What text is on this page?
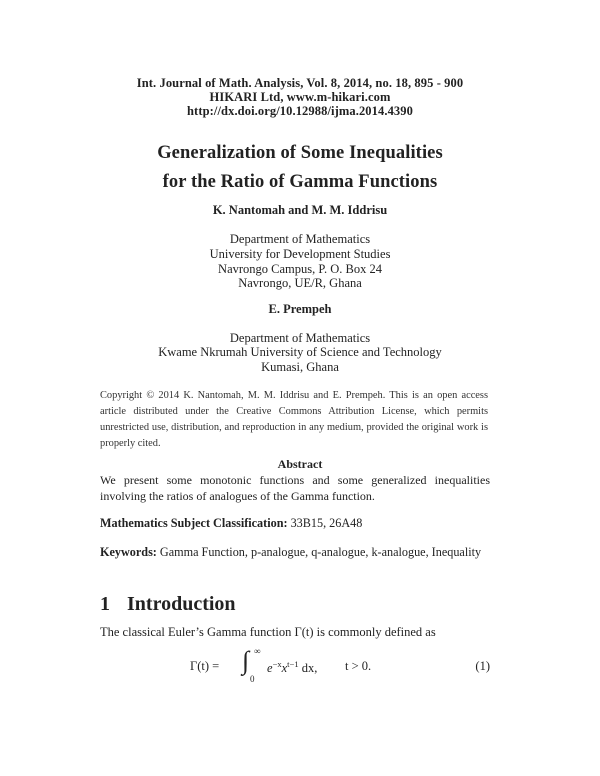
Int. Journal of Math. Analysis, Vol. 8, 2014, no. 18, 895 - 900
HIKARI Ltd, www.m-hikari.com
http://dx.doi.org/10.12988/ijma.2014.4390
Generalization of Some Inequalities
for the Ratio of Gamma Functions
K. Nantomah and M. M. Iddrisu
Department of Mathematics
University for Development Studies
Navrongo Campus, P. O. Box 24
Navrongo, UE/R, Ghana
E. Prempeh
Department of Mathematics
Kwame Nkrumah University of Science and Technology
Kumasi, Ghana
Copyright © 2014 K. Nantomah, M. M. Iddrisu and E. Prempeh. This is an open access article distributed under the Creative Commons Attribution License, which permits unrestricted use, distribution, and reproduction in any medium, provided the original work is properly cited.
Abstract
We present some monotonic functions and some generalized inequalities involving the ratios of analogues of the Gamma function.
Mathematics Subject Classification: 33B15, 26A48
Keywords: Gamma Function, p-analogue, q-analogue, k-analogue, Inequality
1 Introduction
The classical Euler’s Gamma function Γ(t) is commonly defined as
Γ(t) = ∫ ∞
0
$e^{-x}x^{t-1}$ dx, t > 0.	(1)
